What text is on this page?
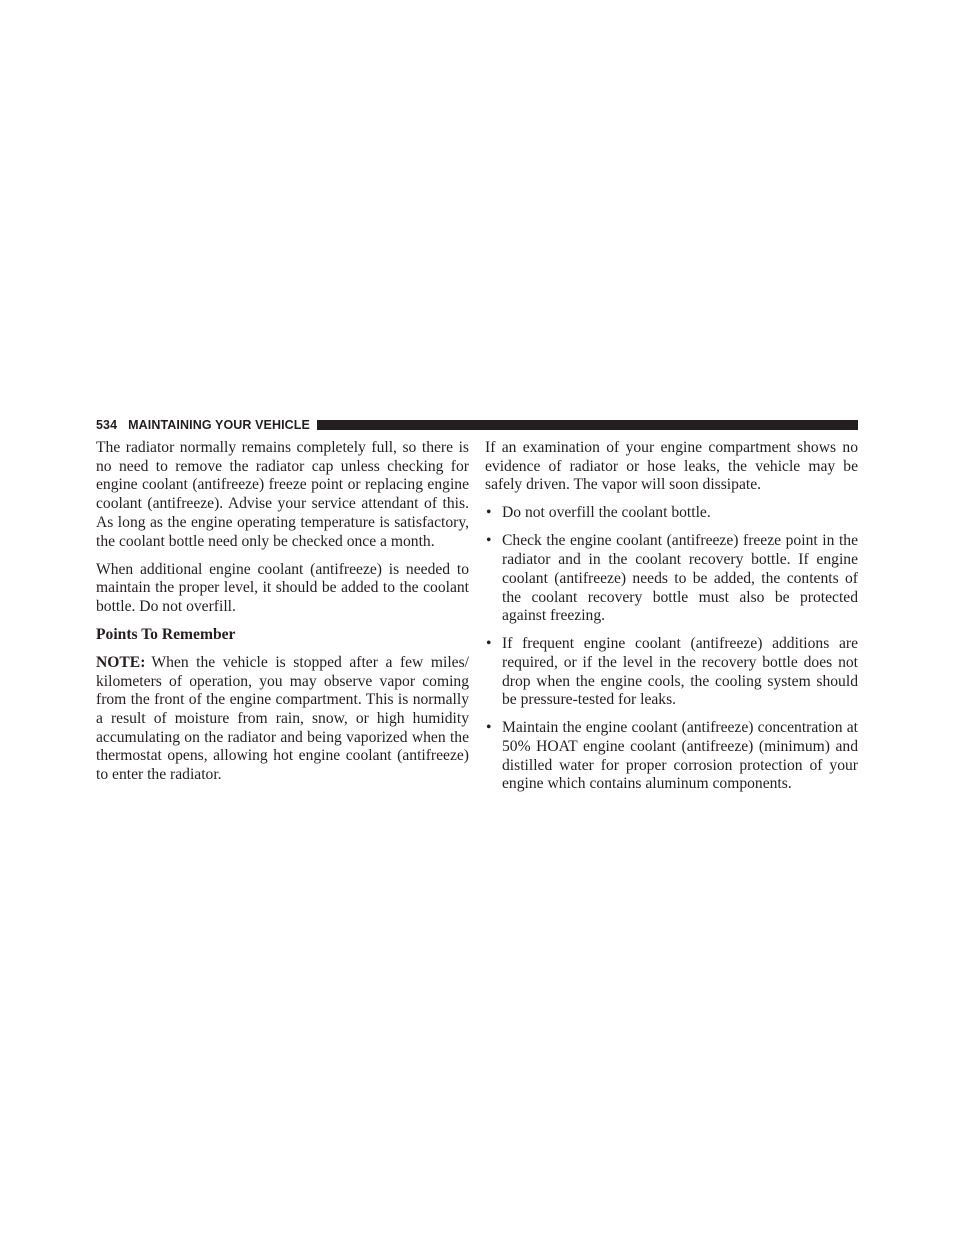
534 MAINTAINING YOUR VEHICLE

The radiator normally remains completely full, so there is no need to remove the radiator cap unless checking for engine coolant (antifreeze) freeze point or replacing engine coolant (antifreeze). Advise your service attendant of this. As long as the engine operating temperature is satisfactory, the coolant bottle need only be checked once a month.

When additional engine coolant (antifreeze) is needed to maintain the proper level, it should be added to the coolant bottle. Do not overfill.

Points To Remember

NOTE: When the vehicle is stopped after a few miles/ kilometers of operation, you may observe vapor coming from the front of the engine compartment. This is normally a result of moisture from rain, snow, or high humidity accumulating on the radiator and being vaporized when the thermostat opens, allowing hot engine coolant (antifreeze) to enter the radiator.

If an examination of your engine compartment shows no evidence of radiator or hose leaks, the vehicle may be safely driven. The vapor will soon dissipate.

• Do not overfill the coolant bottle.
• Check the engine coolant (antifreeze) freeze point in the radiator and in the coolant recovery bottle. If engine coolant (antifreeze) needs to be added, the contents of the coolant recovery bottle must also be protected against freezing.
• If frequent engine coolant (antifreeze) additions are required, or if the level in the recovery bottle does not drop when the engine cools, the cooling system should be pressure-tested for leaks.
• Maintain the engine coolant (antifreeze) concentration at 50% HOAT engine coolant (antifreeze) (minimum) and distilled water for proper corrosion protection of your engine which contains aluminum components.
